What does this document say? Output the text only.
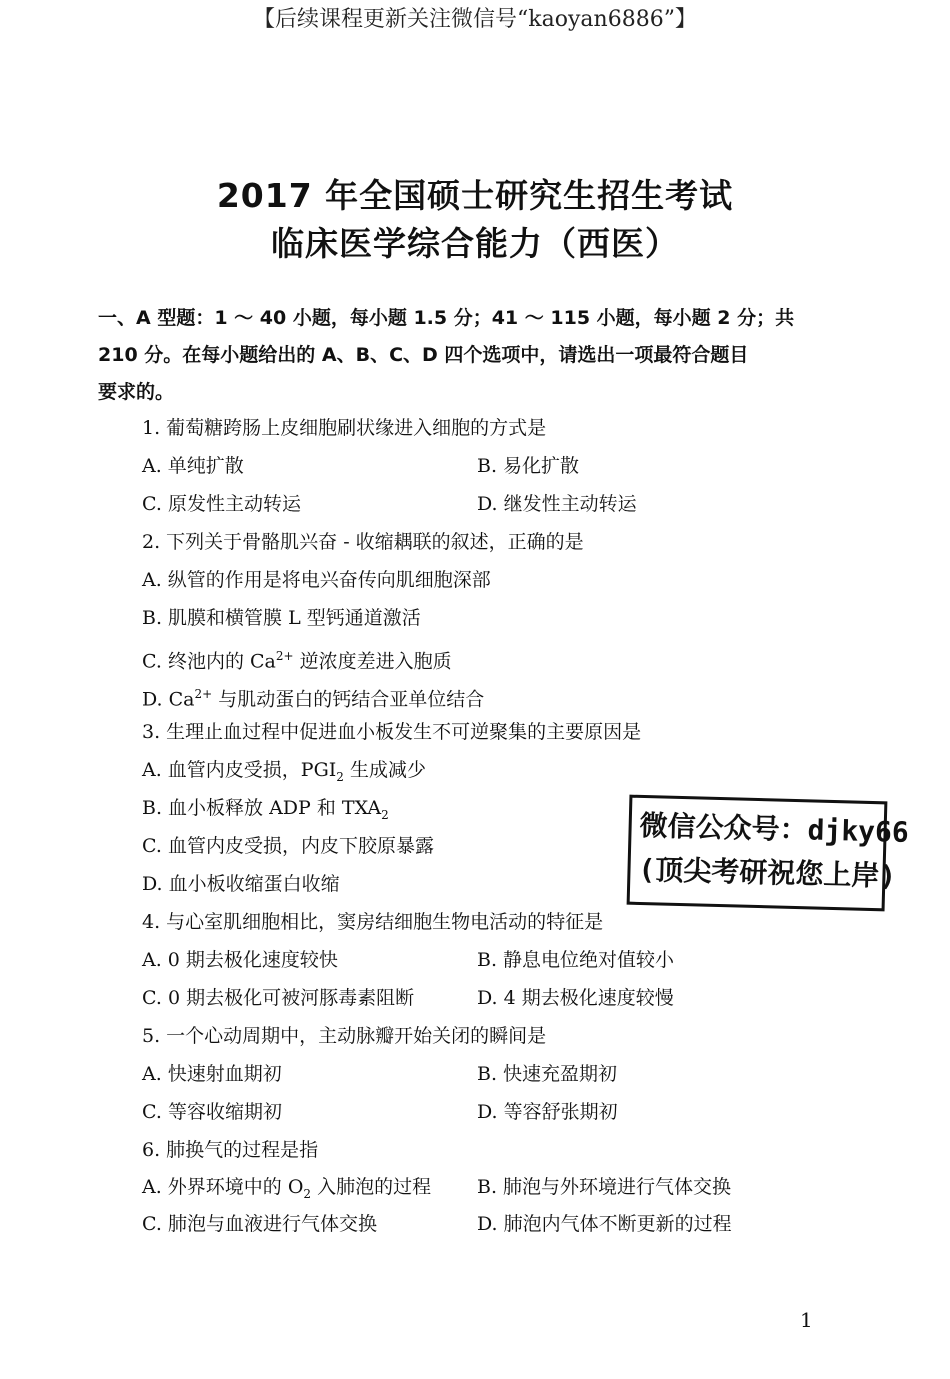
【后续课程更新关注微信号“kaoyan6886”】
2017 年全国硕士研究生招生考试
临床医学综合能力（西医）

一、A 型题：1 ～ 40 小题，每小题 1.5 分；41 ～ 115 小题，每小题 2 分；共

210 分。在每小题给出的 A、B、C、D 四个选项中，请选出一项最符合题目

要求的。

1. 葡萄糖跨肠上皮细胞刷状缘进入细胞的方式是
A. 单纯扩散	B. 易化扩散
C. 原发性主动转运	D. 继发性主动转运
2. 下列关于骨骼肌兴奋 - 收缩耦联的叙述，正确的是
A. 纵管的作用是将电兴奋传向肌细胞深部
B. 肌膜和横管膜 L 型钙通道激活
C. 终池内的 $Ca^{2+}$ 逆浓度差进入胞质
D. $Ca^{2+}$ 与肌动蛋白的钙结合亚单位结合
3. 生理止血过程中促进血小板发生不可逆聚集的主要原因是
A. 血管内皮受损，$PGI_2$ 生成减少
B. 血小板释放 ADP 和 $TXA_2$
C. 血管内皮受损，内皮下胶原暴露
D. 血小板收缩蛋白收缩
4. 与心室肌细胞相比，窦房结细胞生物电活动的特征是
A. 0 期去极化速度较快	B. 静息电位绝对值较小
C. 0 期去极化可被河豚毒素阻断	D. 4 期去极化速度较慢
5. 一个心动周期中，主动脉瓣开始关闭的瞬间是
A. 快速射血期初	B. 快速充盈期初
C. 等容收缩期初	D. 等容舒张期初
6. 肺换气的过程是指
A. 外界环境中的 $O_2$ 入肺泡的过程 B. 肺泡与外环境进行气体交换
C. 肺泡与血液进行气体交换	D. 肺泡内气体不断更新的过程
微信公众号：djky66
(顶尖考研祝您上岸)
1
